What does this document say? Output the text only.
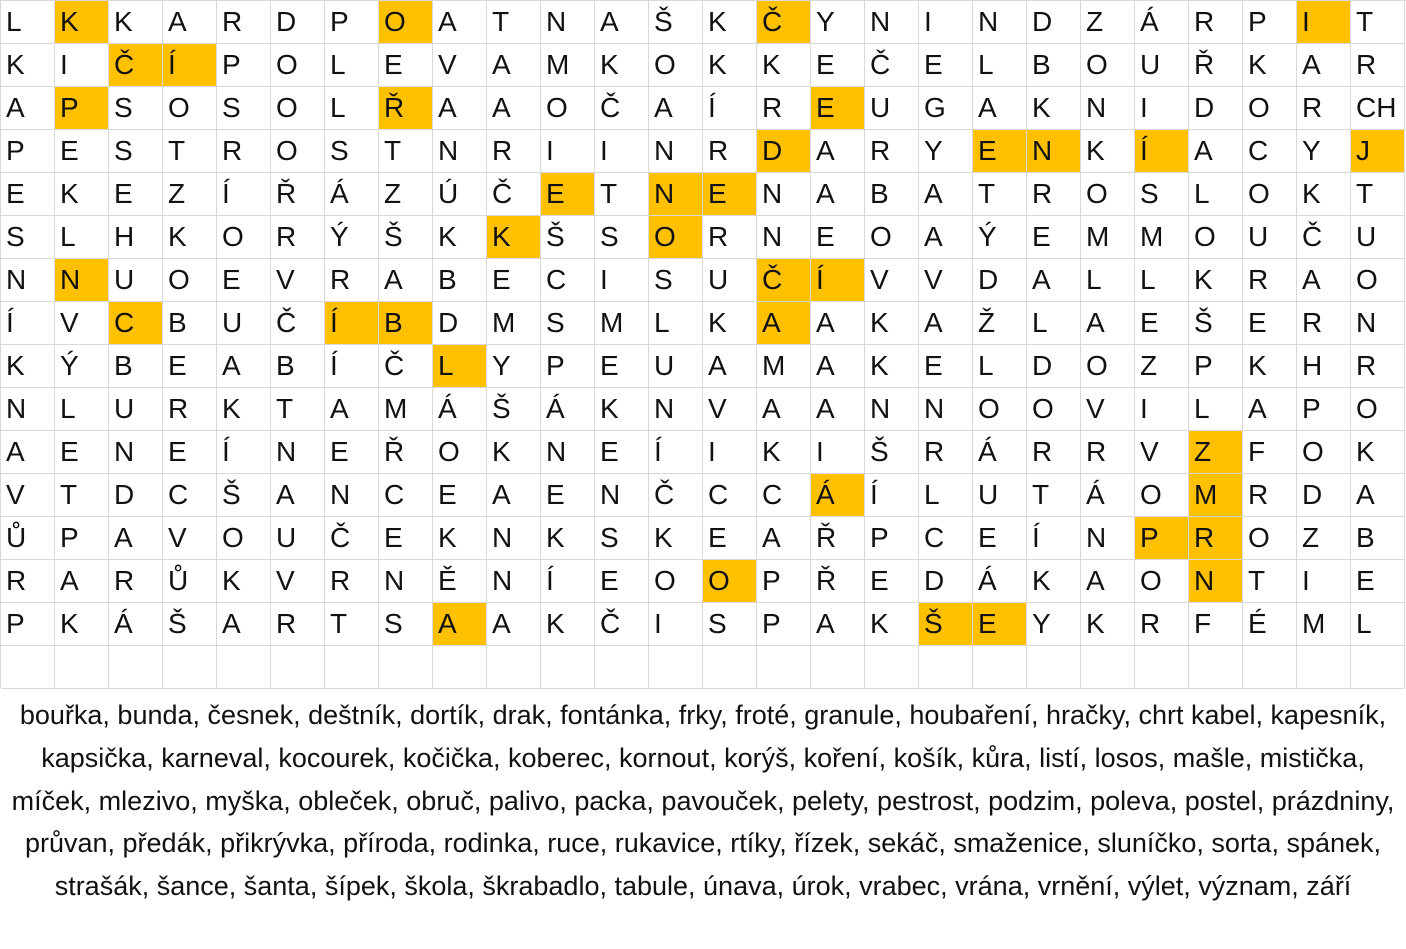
L	K	K	A	R	D	P	O	A	T	N	A	Š	K	Č	Y	N	I	N	D	Z	Á	R	P	I	T
K	I	Č	Í	P	O	L	E	V	A	M	K	O	K	K	E	Č	E	L	B	O	U	Ř	K	A	R
A	P	S	O	S	O	L	Ř	A	A	O	Č	A	Í	R	E	U	G	A	K	N	I	D	O	R	CH
P	E	S	T	R	O	S	T	N	R	I	I	N	R	D	A	R	Y	E	N	K	Í	A	C	Y	J
E	K	E	Z	Í	Ř	Á	Z	Ú	Č	E	T	N	E	N	A	B	A	T	R	O	S	L	O	K	T
S	L	H	K	O	R	Ý	Š	K	K	Š	S	O	R	N	E	O	A	Ý	E	M	M	O	U	Č	U
N	N	U	O	E	V	R	A	B	E	C	I	S	U	Č	Í	V	V	D	A	L	L	K	R	A	O
Í	V	C	B	U	Č	Í	B	D	M	S	M	L	K	A	A	K	A	Ž	L	A	E	Š	E	R	N
K	Ý	B	E	A	B	Í	Č	L	Y	P	E	U	A	M	A	K	E	L	D	O	Z	P	K	H	R
N	L	U	R	K	T	A	M	Á	Š	Á	K	N	V	A	A	N	N	O	O	V	I	L	A	P	O
A	E	N	E	Í	N	E	Ř	O	K	N	E	Í	I	K	I	Š	R	Á	R	R	V	Z	F	O	K
V	T	D	C	Š	A	N	C	E	A	E	N	Č	C	C	Á	Í	L	U	T	Á	O	M	R	D	A
Ů	P	A	V	O	U	Č	E	K	N	K	S	K	E	A	Ř	P	C	E	Í	N	P	R	O	Z	B
R	A	R	Ů	K	V	R	N	Ě	N	Í	E	O	O	P	Ř	E	D	Á	K	A	O	N	T	I	E
P	K	Á	Š	A	R	T	S	A	A	K	Č	I	S	P	A	K	Š	E	Y	K	R	F	É	M	L
bouřka, bunda, česnek, deštník, dortík, drak, fontánka, frky, froté, granule, houbaření, hračky, chrt kabel, kapesník, kapsička, karneval, kocourek, kočička, koberec, kornout, korýš, koření, košík, kůra, listí, losos, mašle, mistička, míček, mlezivo, myška, obleček, obruč, palivo, packa, pavouček, pelety, pestrost, podzim, poleva, postel, prázdniny, průvan, předák, přikrývka, příroda, rodinka, ruce, rukavice, rtíky, řízek, sekáč, smaženice, sluníčko, sorta, spánek, strašák, šance, šanta, šípek, škola, škrabadlo, tabule, únava, úrok, vrabec, vrána, vrnění, výlet, význam, září
